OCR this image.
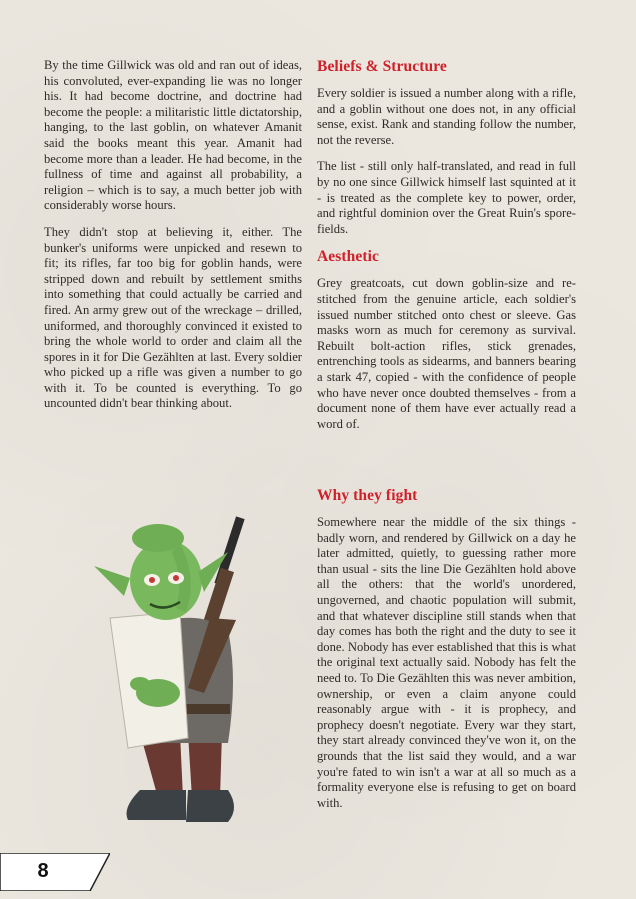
By the time Gillwick was old and ran out of ideas, his convoluted, ever-expanding lie was no longer his. It had become doctrine, and doctrine had become the people: a militaristic little dictatorship, hanging, to the last goblin, on whatever Amanit said the books meant this year. Amanit had become more than a leader. He had become, in the fullness of time and against all probability, a religion – which is to say, a much better job with considerably worse hours.

They didn't stop at believing it, either. The bunker's uniforms were unpicked and resewn to fit; its rifles, far too big for goblin hands, were stripped down and rebuilt by settlement smiths into something that could actually be carried and fired. An army grew out of the wreckage – drilled, uniformed, and thoroughly convinced it existed to bring the whole world to order and claim all the spores in it for Die Gezählten at last. Every soldier who picked up a rifle was given a number to go with it. To be counted is everything. To go uncounted didn't bear thinking about.

Beliefs & Structure

Every soldier is issued a number along with a rifle, and a goblin without one does not, in any official sense, exist. Rank and standing follow the number, not the reverse.

The list - still only half-translated, and read in full by no one since Gillwick himself last squinted at it - is treated as the complete key to power, order, and rightful dominion over the Great Ruin's spore-fields.

Aesthetic

Grey greatcoats, cut down goblin-size and re-stitched from the genuine article, each soldier's issued number stitched onto chest or sleeve. Gas masks worn as much for ceremony as survival. Rebuilt bolt-action rifles, stick grenades, entrenching tools as sidearms, and banners bearing a stark 47, copied - with the confidence of people who have never once doubted themselves - from a document none of them have ever actually read a word of.

Why they fight

Somewhere near the middle of the six things - badly worn, and rendered by Gillwick on a day he later admitted, quietly, to guessing rather more than usual - sits the line Die Gezählten hold above all the others: that the world's unordered, ungoverned, and chaotic population will submit, and that whatever discipline still stands when that day comes has both the right and the duty to see it done. Nobody has ever established that this is what the original text actually said. Nobody has felt the need to. To Die Gezählten this was never ambition, ownership, or even a claim anyone could reasonably argue with - it is prophecy, and prophecy doesn't negotiate. Every war they start, they start already convinced they've won it, on the grounds that the list said they would, and a war you're fated to win isn't a war at all so much as a formality everyone else is refusing to get on board with.

8
